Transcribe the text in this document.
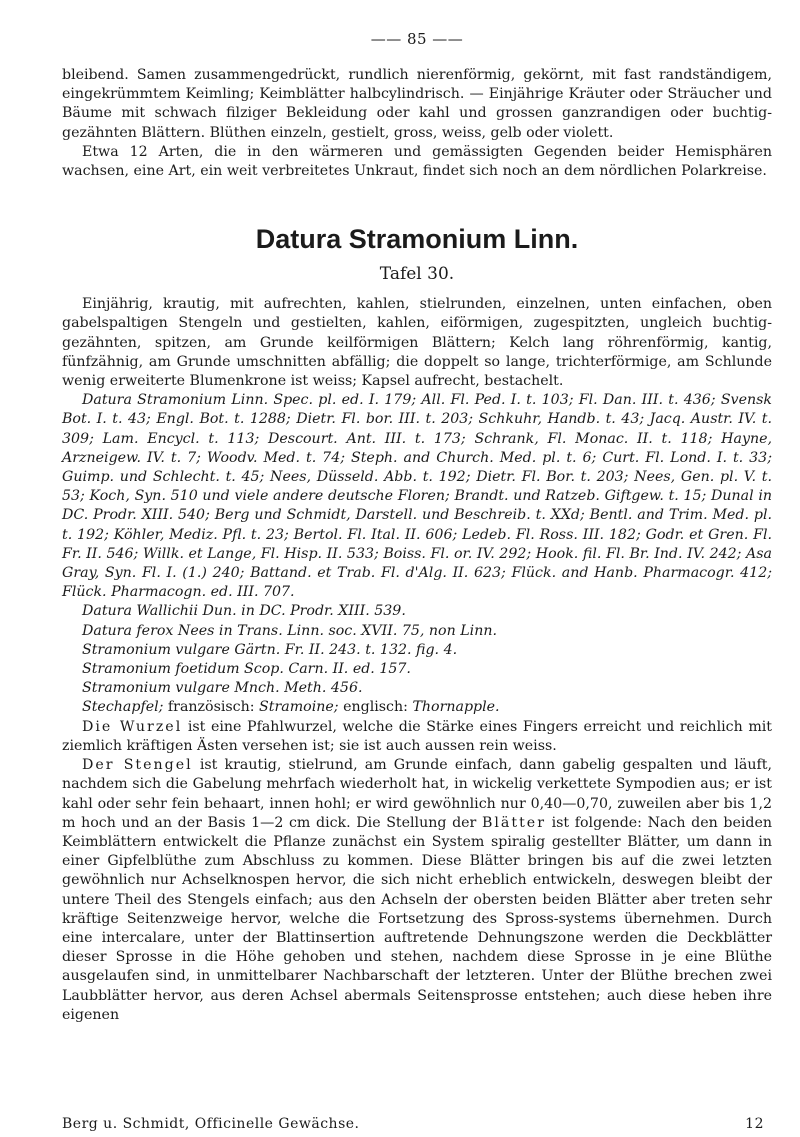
—— 85 ——

bleibend. Samen zusammengedrückt, rundlich nierenförmig, gekörnt, mit fast randständigem, eingekrümmtem Keimling; Keimblätter halbcylindrisch. — Einjährige Kräuter oder Sträucher und Bäume mit schwach filziger Bekleidung oder kahl und grossen ganzrandigen oder buchtig-gezähnten Blättern. Blüthen einzeln, gestielt, gross, weiss, gelb oder violett.

Etwa 12 Arten, die in den wärmeren und gemässigten Gegenden beider Hemisphären wachsen, eine Art, ein weit verbreitetes Unkraut, findet sich noch an dem nördlichen Polarkreise.

Datura Stramonium Linn.
Tafel 30.

Einjährig, krautig, mit aufrechten, kahlen, stielrunden, einzelnen, unten einfachen, oben gabelspaltigen Stengeln und gestielten, kahlen, eiförmigen, zugespitzten, ungleich buchtig-gezähnten, spitzen, am Grunde keilförmigen Blättern; Kelch lang röhrenförmig, kantig, fünfzähnig, am Grunde umschnitten abfällig; die doppelt so lange, trichterförmige, am Schlunde wenig erweiterte Blumenkrone ist weiss; Kapsel aufrecht, bestachelt.

Datura Stramonium Linn. Spec. pl. ed. I. 179; All. Fl. Ped. I. t. 103; Fl. Dan. III. t. 436; Svensk Bot. I. t. 43; Engl. Bot. t. 1288; Dietr. Fl. bor. III. t. 203; Schkuhr, Handb. t. 43; Jacq. Austr. IV. t. 309; Lam. Encycl. t. 113; Descourt. Ant. III. t. 173; Schrank, Fl. Monac. II. t. 118; Hayne, Arzneigew. IV. t. 7; Woodv. Med. t. 74; Steph. and Church. Med. pl. t. 6; Curt. Fl. Lond. I. t. 33; Guimp. und Schlecht. t. 45; Nees, Düsseld. Abb. t. 192; Dietr. Fl. Bor. t. 203; Nees, Gen. pl. V. t. 53; Koch, Syn. 510 und viele andere deutsche Floren; Brandt. und Ratzeb. Giftgew. t. 15; Dunal in DC. Prodr. XIII. 540; Berg und Schmidt, Darstell. und Beschreib. t. XXd; Bentl. and Trim. Med. pl. t. 192; Köhler, Mediz. Pfl. t. 23; Bertol. Fl. Ital. II. 606; Ledeb. Fl. Ross. III. 182; Godr. et Gren. Fl. Fr. II. 546; Willk. et Lange, Fl. Hisp. II. 533; Boiss. Fl. or. IV. 292; Hook. fil. Fl. Br. Ind. IV. 242; Asa Gray, Syn. Fl. I. (1.) 240; Battand. et Trab. Fl. d'Alg. II. 623; Flück. and Hanb. Pharmacogr. 412; Flück. Pharmacogn. ed. III. 707.

Datura Wallichii Dun. in DC. Prodr. XIII. 539.

Datura ferox Nees in Trans. Linn. soc. XVII. 75, non Linn.

Stramonium vulgare Gärtn. Fr. II. 243. t. 132. fig. 4.

Stramonium foetidum Scop. Carn. II. ed. 157.

Stramonium vulgare Mnch. Meth. 456.

Stechapfel; französisch: Stramoine; englisch: Thornapple.

Die Wurzel ist eine Pfahlwurzel, welche die Stärke eines Fingers erreicht und reichlich mit ziemlich kräftigen Ästen versehen ist; sie ist auch aussen rein weiss.

Der Stengel ist krautig, stielrund, am Grunde einfach, dann gabelig gespalten und läuft, nachdem sich die Gabelung mehrfach wiederholt hat, in wickelig verkettete Sympodien aus; er ist kahl oder sehr fein behaart, innen hohl; er wird gewöhnlich nur 0,40—0,70, zuweilen aber bis 1,2 m hoch und an der Basis 1—2 cm dick. Die Stellung der Blätter ist folgende: Nach den beiden Keimblättern entwickelt die Pflanze zunächst ein System spiralig gestellter Blätter, um dann in einer Gipfelblüthe zum Abschluss zu kommen. Diese Blätter bringen bis auf die zwei letzten gewöhnlich nur Achselknospen hervor, die sich nicht erheblich entwickeln, deswegen bleibt der untere Theil des Stengels einfach; aus den Achseln der obersten beiden Blätter aber treten sehr kräftige Seitenzweige hervor, welche die Fortsetzung des Spross-systems übernehmen. Durch eine intercalare, unter der Blattinsertion auftretende Dehnungszone werden die Deckblätter dieser Sprosse in die Höhe gehoben und stehen, nachdem diese Sprosse in je eine Blüthe ausgelaufen sind, in unmittelbarer Nachbarschaft der letzteren. Unter der Blüthe brechen zwei Laubblätter hervor, aus deren Achsel abermals Seitensprosse entstehen; auch diese heben ihre eigenen

Berg u. Schmidt, Officinelle Gewächse.	12
